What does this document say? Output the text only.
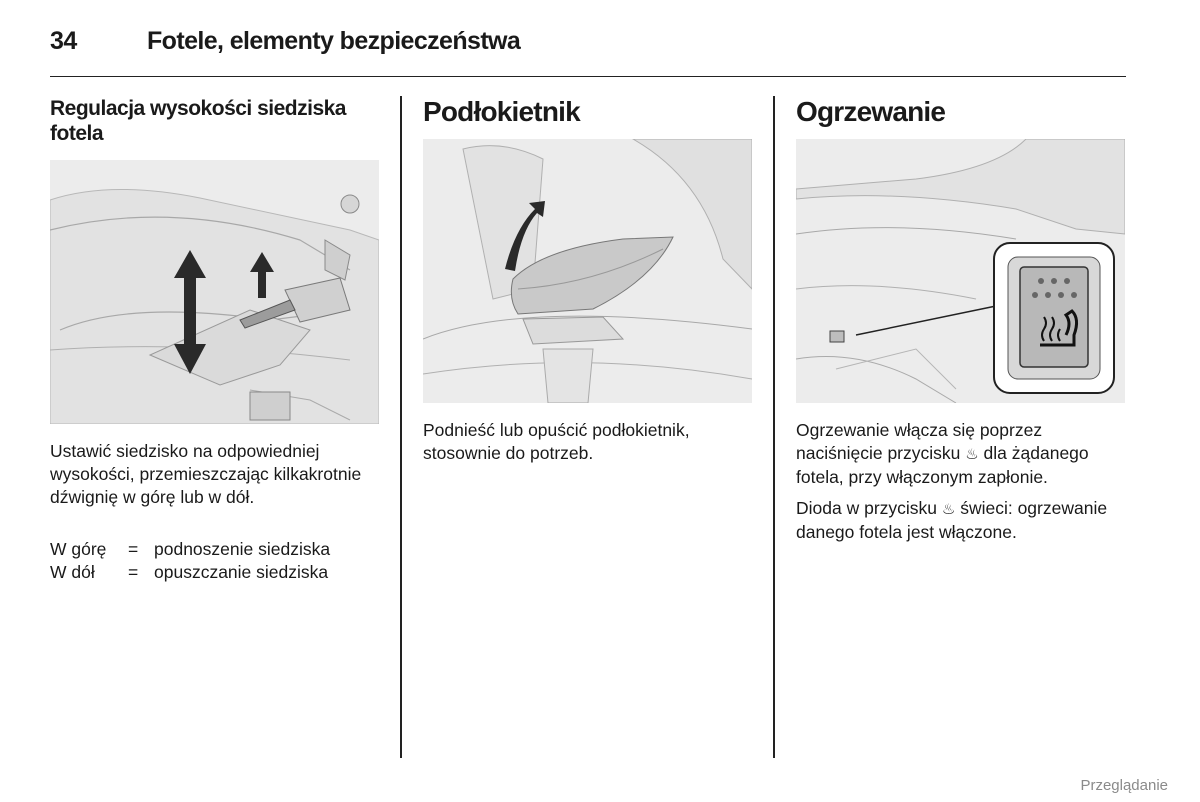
34	Fotele, elementy bezpieczeństwa
Regulacja wysokości siedziska fotela

Ustawić siedzisko na odpowiedniej wysokości, przemieszczając kilkakrotnie dźwignię w górę lub w dół.

W górę	= podnoszenie siedziska
W dół	= opuszczanie siedziska
Podłokietnik

Podnieść lub opuścić podłokietnik, stosownie do potrzeb.

Ogrzewanie

Ogrzewanie włącza się poprzez naciśnięcie przycisku ♨ dla żądanego fotela, przy włączonym zapłonie.

Dioda w przycisku ♨ świeci: ogrzewanie danego fotela jest włączone.

Przeglądanie
